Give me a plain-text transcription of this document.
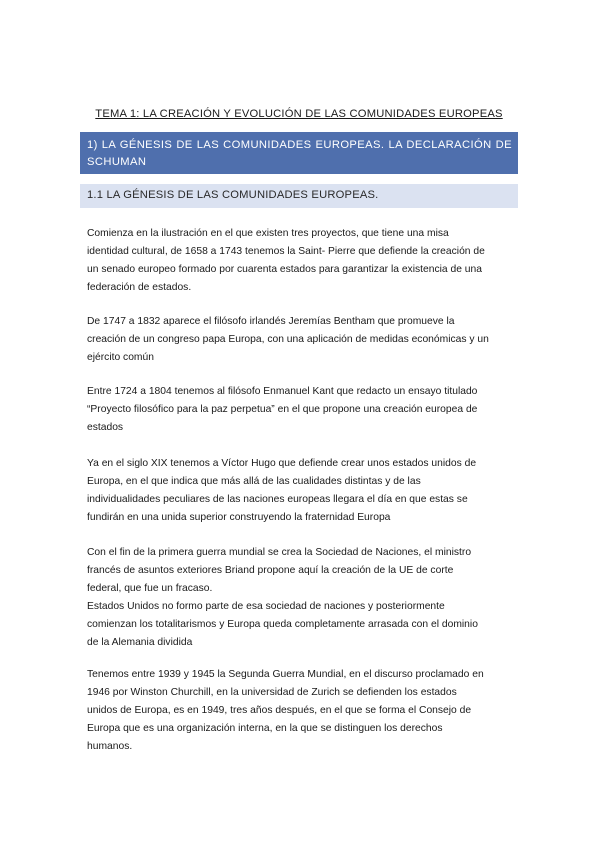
TEMA 1: LA CREACIÓN Y EVOLUCIÓN DE LAS COMUNIDADES EUROPEAS
1) LA GÉNESIS DE LAS COMUNIDADES EUROPEAS. LA DECLARACIÓN DE SCHUMAN
1.1 LA GÉNESIS DE LAS COMUNIDADES EUROPEAS.

Comienza en la ilustración en el que existen tres proyectos, que tiene una misa
identidad cultural, de 1658 a 1743 tenemos la Saint- Pierre que defiende la creación de
un senado europeo formado por cuarenta estados para garantizar la existencia de una
federación de estados.

De 1747 a 1832 aparece el filósofo irlandés Jeremías Bentham que promueve la
creación de un congreso papa Europa, con una aplicación de medidas económicas y un
ejército común

Entre 1724 a 1804 tenemos al filósofo Enmanuel Kant que redacto un ensayo titulado
“Proyecto filosófico para la paz perpetua” en el que propone una creación europea de
estados

Ya en el siglo XIX tenemos a Víctor Hugo que defiende crear unos estados unidos de
Europa, en el que indica que más allá de las cualidades distintas y de las
individualidades peculiares de las naciones europeas llegara el día en que estas se
fundirán en una unida superior construyendo la fraternidad Europa

Con el fin de la primera guerra mundial se crea la Sociedad de Naciones, el ministro
francés de asuntos exteriores Briand propone aquí la creación de la UE de corte
federal, que fue un fracaso.
Estados Unidos no formo parte de esa sociedad de naciones y posteriormente
comienzan los totalitarismos y Europa queda completamente arrasada con el dominio
de la Alemania dividida

Tenemos entre 1939 y 1945 la Segunda Guerra Mundial, en el discurso proclamado en
1946 por Winston Churchill, en la universidad de Zurich se defienden los estados
unidos de Europa, es en 1949, tres años después, en el que se forma el Consejo de
Europa que es una organización interna, en la que se distinguen los derechos
humanos.
